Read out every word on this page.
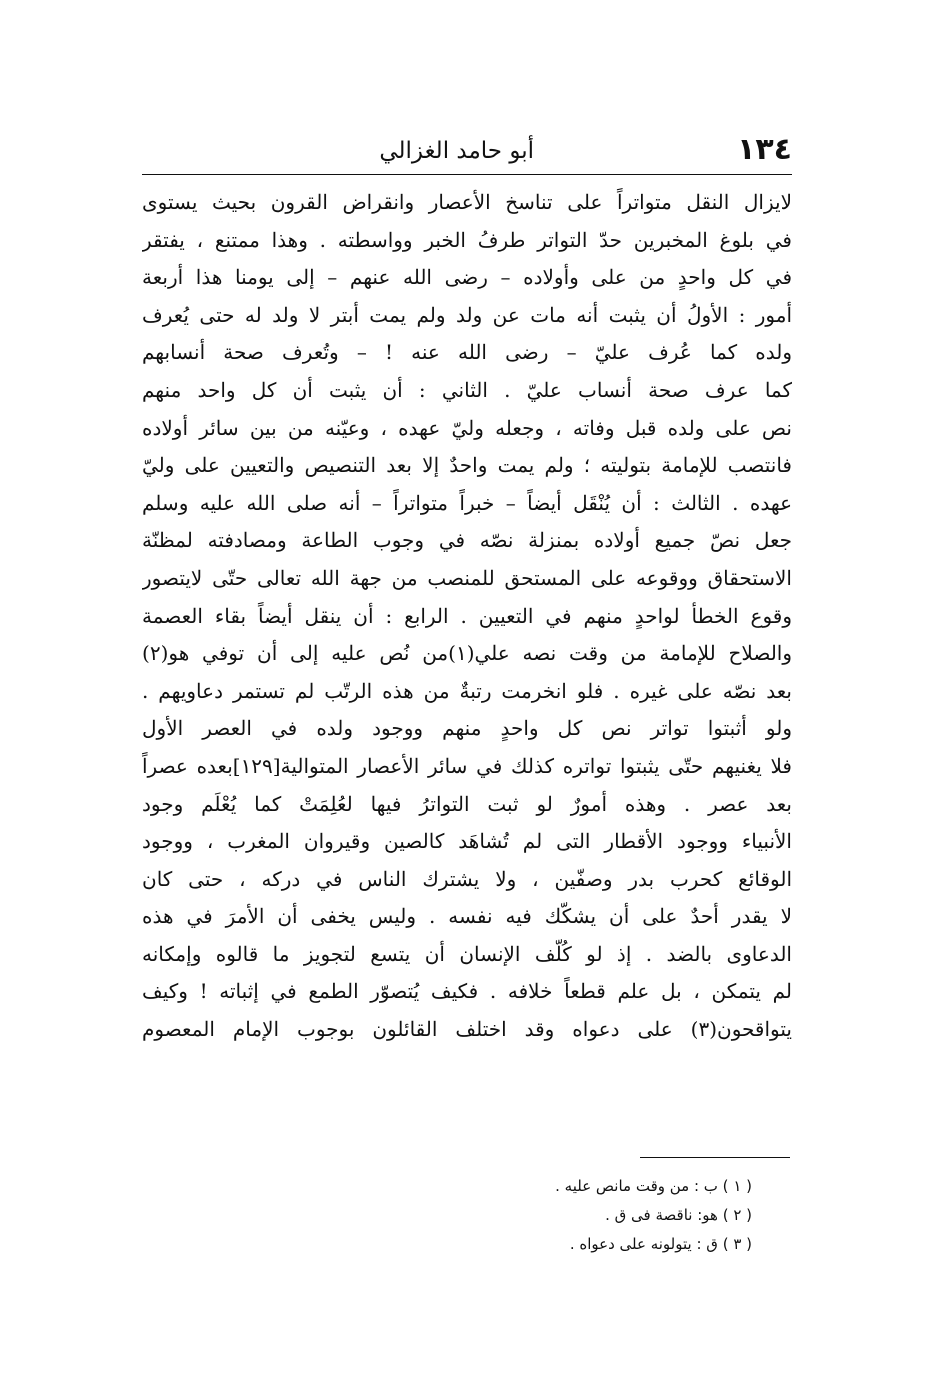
١٣٤
أبو حامد الغزالي
لايزال النقل متواتراً على تناسخ الأعصار وانقراض القرون بحيث يستوى
في بلوغ المخبرين حدّ التواتر طرفُ الخبر وواسطته . وهذا ممتنع ، يفتقر
في كل واحدٍ من على وأولاده – رضى الله عنهم – إلى يومنا هذا أربعة
أمور : الأولُ أن يثبت أنه مات عن ولد ولم يمت أبتر لا ولد له حتى يُعرف
ولده كما عُرف عليّ – رضى الله عنه ! – وتُعرف صحة أنسابهم
كما عرف صحة أنساب عليّ . الثاني : أن يثبت أن كل واحد منهم
نص على ولده قبل وفاته ، وجعله وليّ عهده ، وعيّنه من بين سائر أولاده
فانتصب للإمامة بتوليته ؛ ولم يمت واحدٌ إلا بعد التنصيص والتعيين على وليّ
عهده . الثالث : أن يُنْقَل أيضاً – خبراً متواتراً – أنه صلى الله عليه وسلم
جعل نصّ جميع أولاده بمنزلة نصّه في وجوب الطاعة ومصادفته لمظنّة
الاستحقاق ووقوعه على المستحق للمنصب من جهة الله تعالى حتّى لايتصور
وقوع الخطأ لواحدٍ منهم في التعيين . الرابع : أن ينقل أيضاً بقاء العصمة
والصلاح للإمامة من وقت نصه علي(١)من نُص عليه إلى أن توفي هو(٢)
بعد نصّه على غيره . فلو انخرمت رتبةٌ من هذه الرتّب لم تستمر دعاويهم .
ولو أثبتوا تواتر نص كل واحدٍ منهم ووجود ولده في العصر الأول
فلا يغنيهم حتّى يثبتوا تواتره كذلك في سائر الأعصار المتوالية[١٢٩]بعده عصراً
بعد عصر . وهذه أمورٌ لو ثبت التواترُ فيها لعُلِمَتْ كما يُعْلَم وجود
الأنبياء ووجود الأقطار التى لم تُشاهَد كالصين وقيروان المغرب ، ووجود
الوقائع كحرب بدر وصفّين ، ولا يشترك الناس في دركه ، حتى كان
لا يقدر أحدٌ على أن يشكّك فيه نفسه . وليس يخفى أن الأمرَ في هذه
الدعاوى بالضد . إذ لو كُلّف الإنسان أن يتسع لتجويز ما قالوه وإمكانه
لم يتمكن ، بل علم قطعاً خلافه . فكيف يُتصوّر الطمع في إثباته ! وكيف
يتواقحون(٣) على دعواه وقد اختلف القائلون بوجوب الإمام المعصوم
( ١ ) ب : من وقت مانص عليه .
( ٢ ) هو: ناقصة فى ق .
( ٣ ) ق : يتولونه على دعواه .
